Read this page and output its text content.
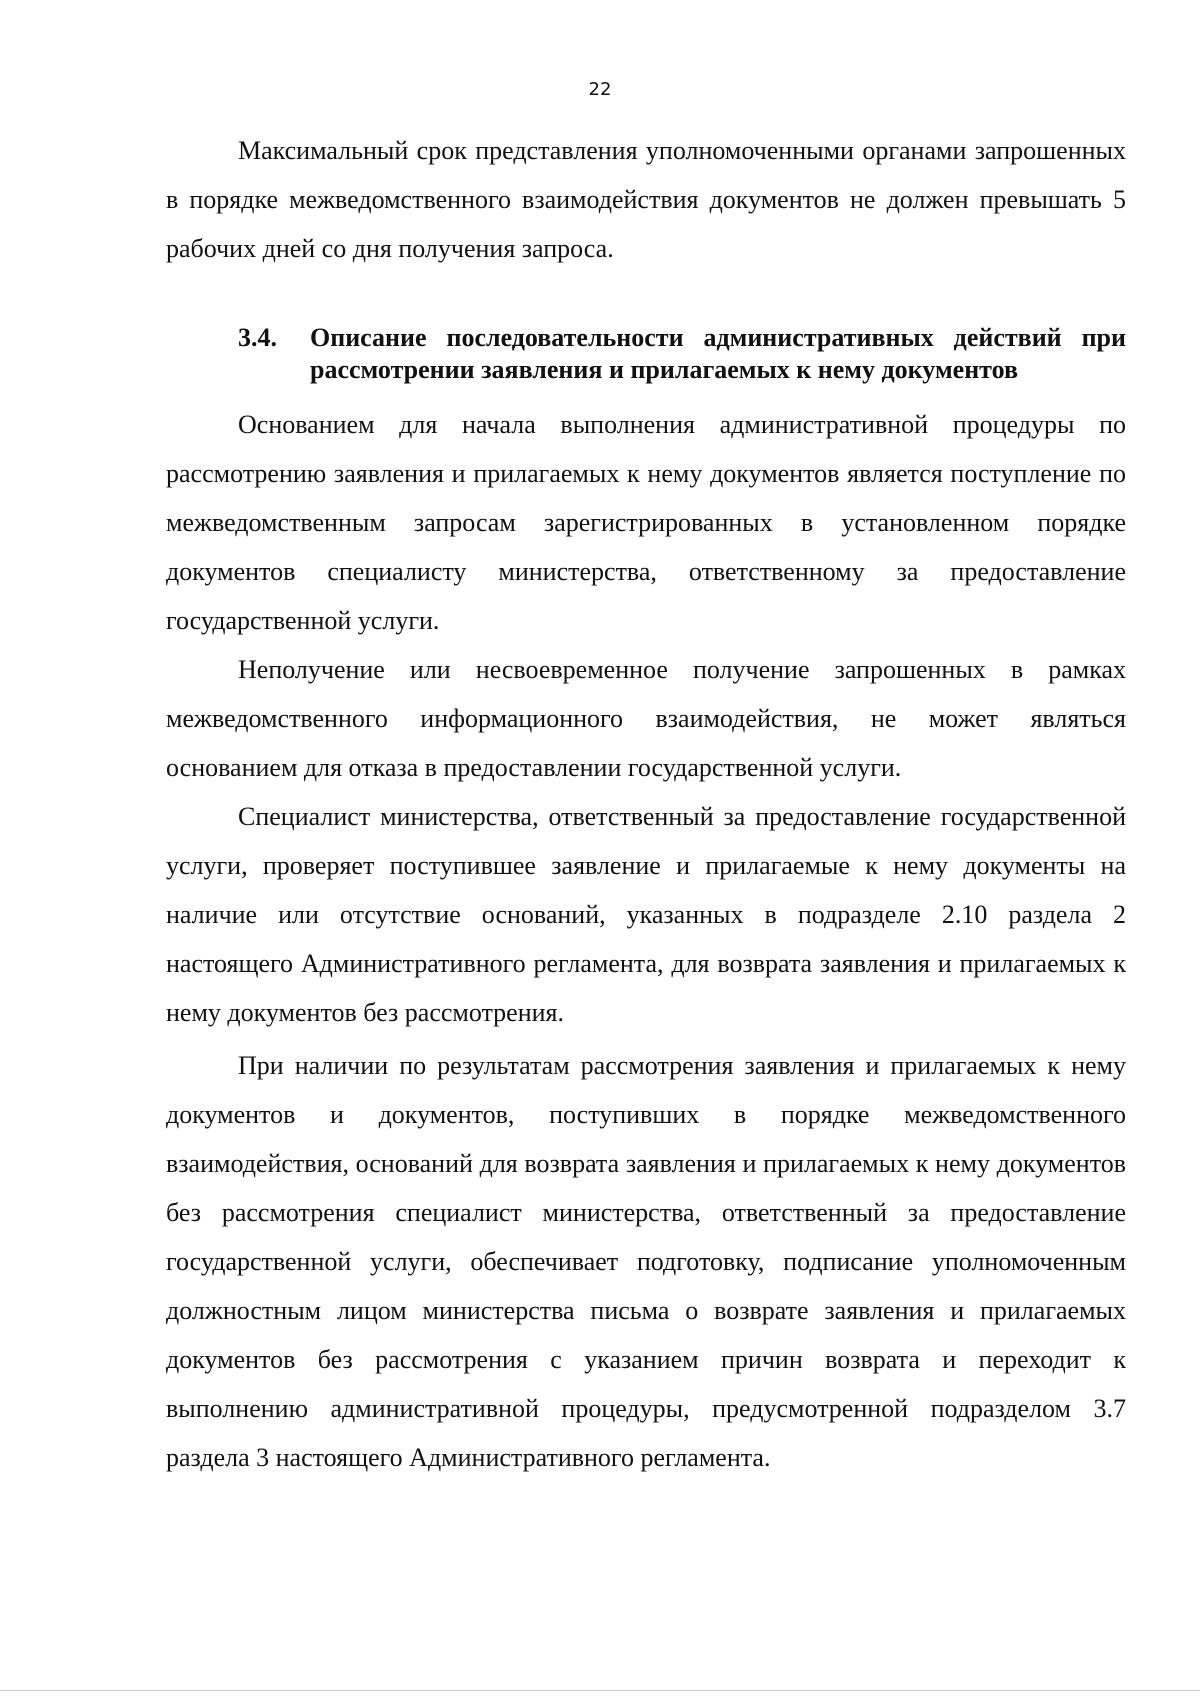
22

Максимальный срок представления уполномоченными органами запрошенных в порядке межведомственного взаимодействия документов не должен превышать 5 рабочих дней со дня получения запроса.

3.4. Описание последовательности административных действий при рассмотрении заявления и прилагаемых к нему документов

Основанием для начала выполнения административной процедуры по рассмотрению заявления и прилагаемых к нему документов является поступление по межведомственным запросам зарегистрированных в установленном порядке документов специалисту министерства, ответственному за предоставление государственной услуги.

Неполучение или несвоевременное получение запрошенных в рамках межведомственного информационного взаимодействия, не может являться основанием для отказа в предоставлении государственной услуги.

Специалист министерства, ответственный за предоставление государственной услуги, проверяет поступившее заявление и прилагаемые к нему документы на наличие или отсутствие оснований, указанных в подразделе 2.10 раздела 2 настоящего Административного регламента, для возврата заявления и прилагаемых к нему документов без рассмотрения.

При наличии по результатам рассмотрения заявления и прилагаемых к нему документов и документов, поступивших в порядке межведомственного взаимодействия, оснований для возврата заявления и прилагаемых к нему документов без рассмотрения специалист министерства, ответственный за предоставление государственной услуги, обеспечивает подготовку, подписание уполномоченным должностным лицом министерства письма о возврате заявления и прилагаемых документов без рассмотрения с указанием причин возврата и переходит к выполнению административной процедуры, предусмотренной подразделом 3.7 раздела 3 настоящего Административного регламента.
